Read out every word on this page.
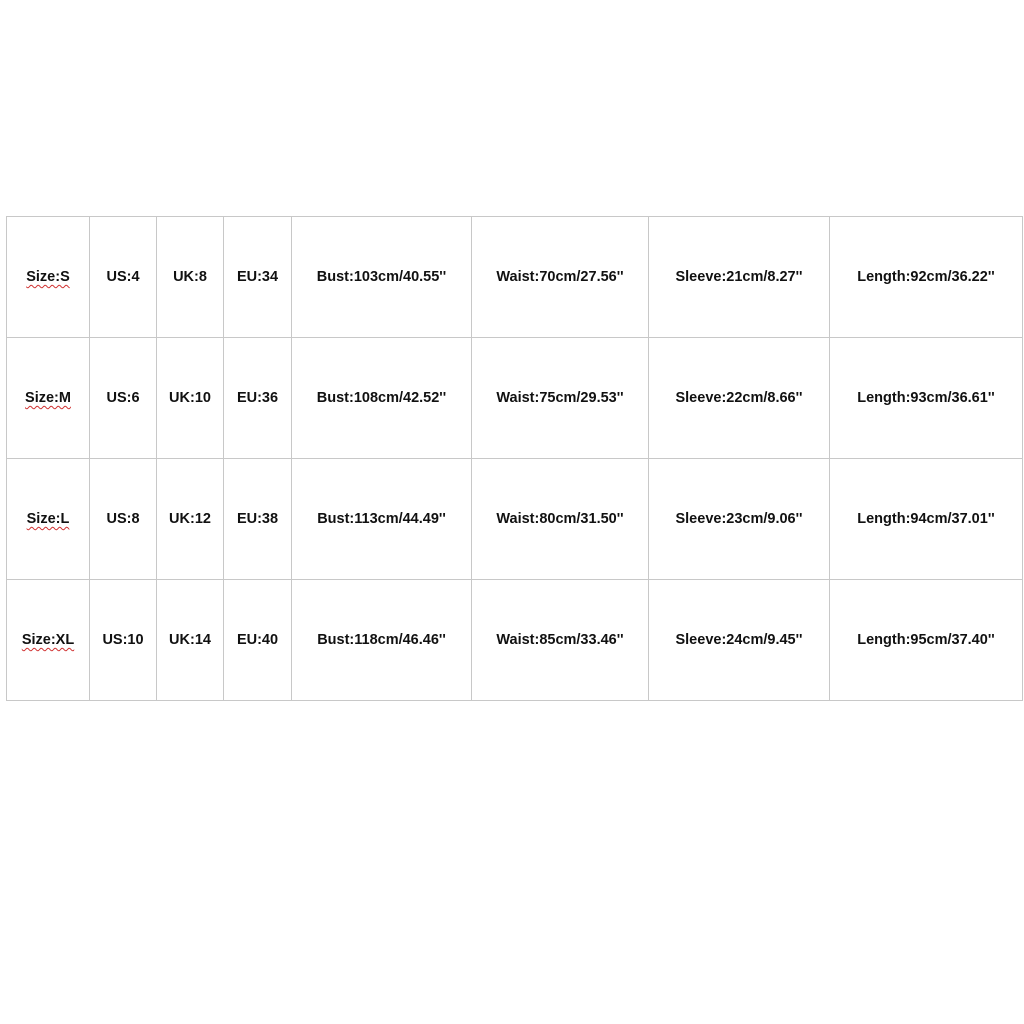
Size:S	US:4	UK:8	EU:34	Bust:103cm/40.55''	Waist:70cm/27.56''	Sleeve:21cm/8.27''	Length:92cm/36.22''
Size:M	US:6	UK:10	EU:36	Bust:108cm/42.52''	Waist:75cm/29.53''	Sleeve:22cm/8.66''	Length:93cm/36.61''
Size:L	US:8	UK:12	EU:38	Bust:113cm/44.49''	Waist:80cm/31.50''	Sleeve:23cm/9.06''	Length:94cm/37.01''
Size:XL	US:10	UK:14	EU:40	Bust:118cm/46.46''	Waist:85cm/33.46''	Sleeve:24cm/9.45''	Length:95cm/37.40''
